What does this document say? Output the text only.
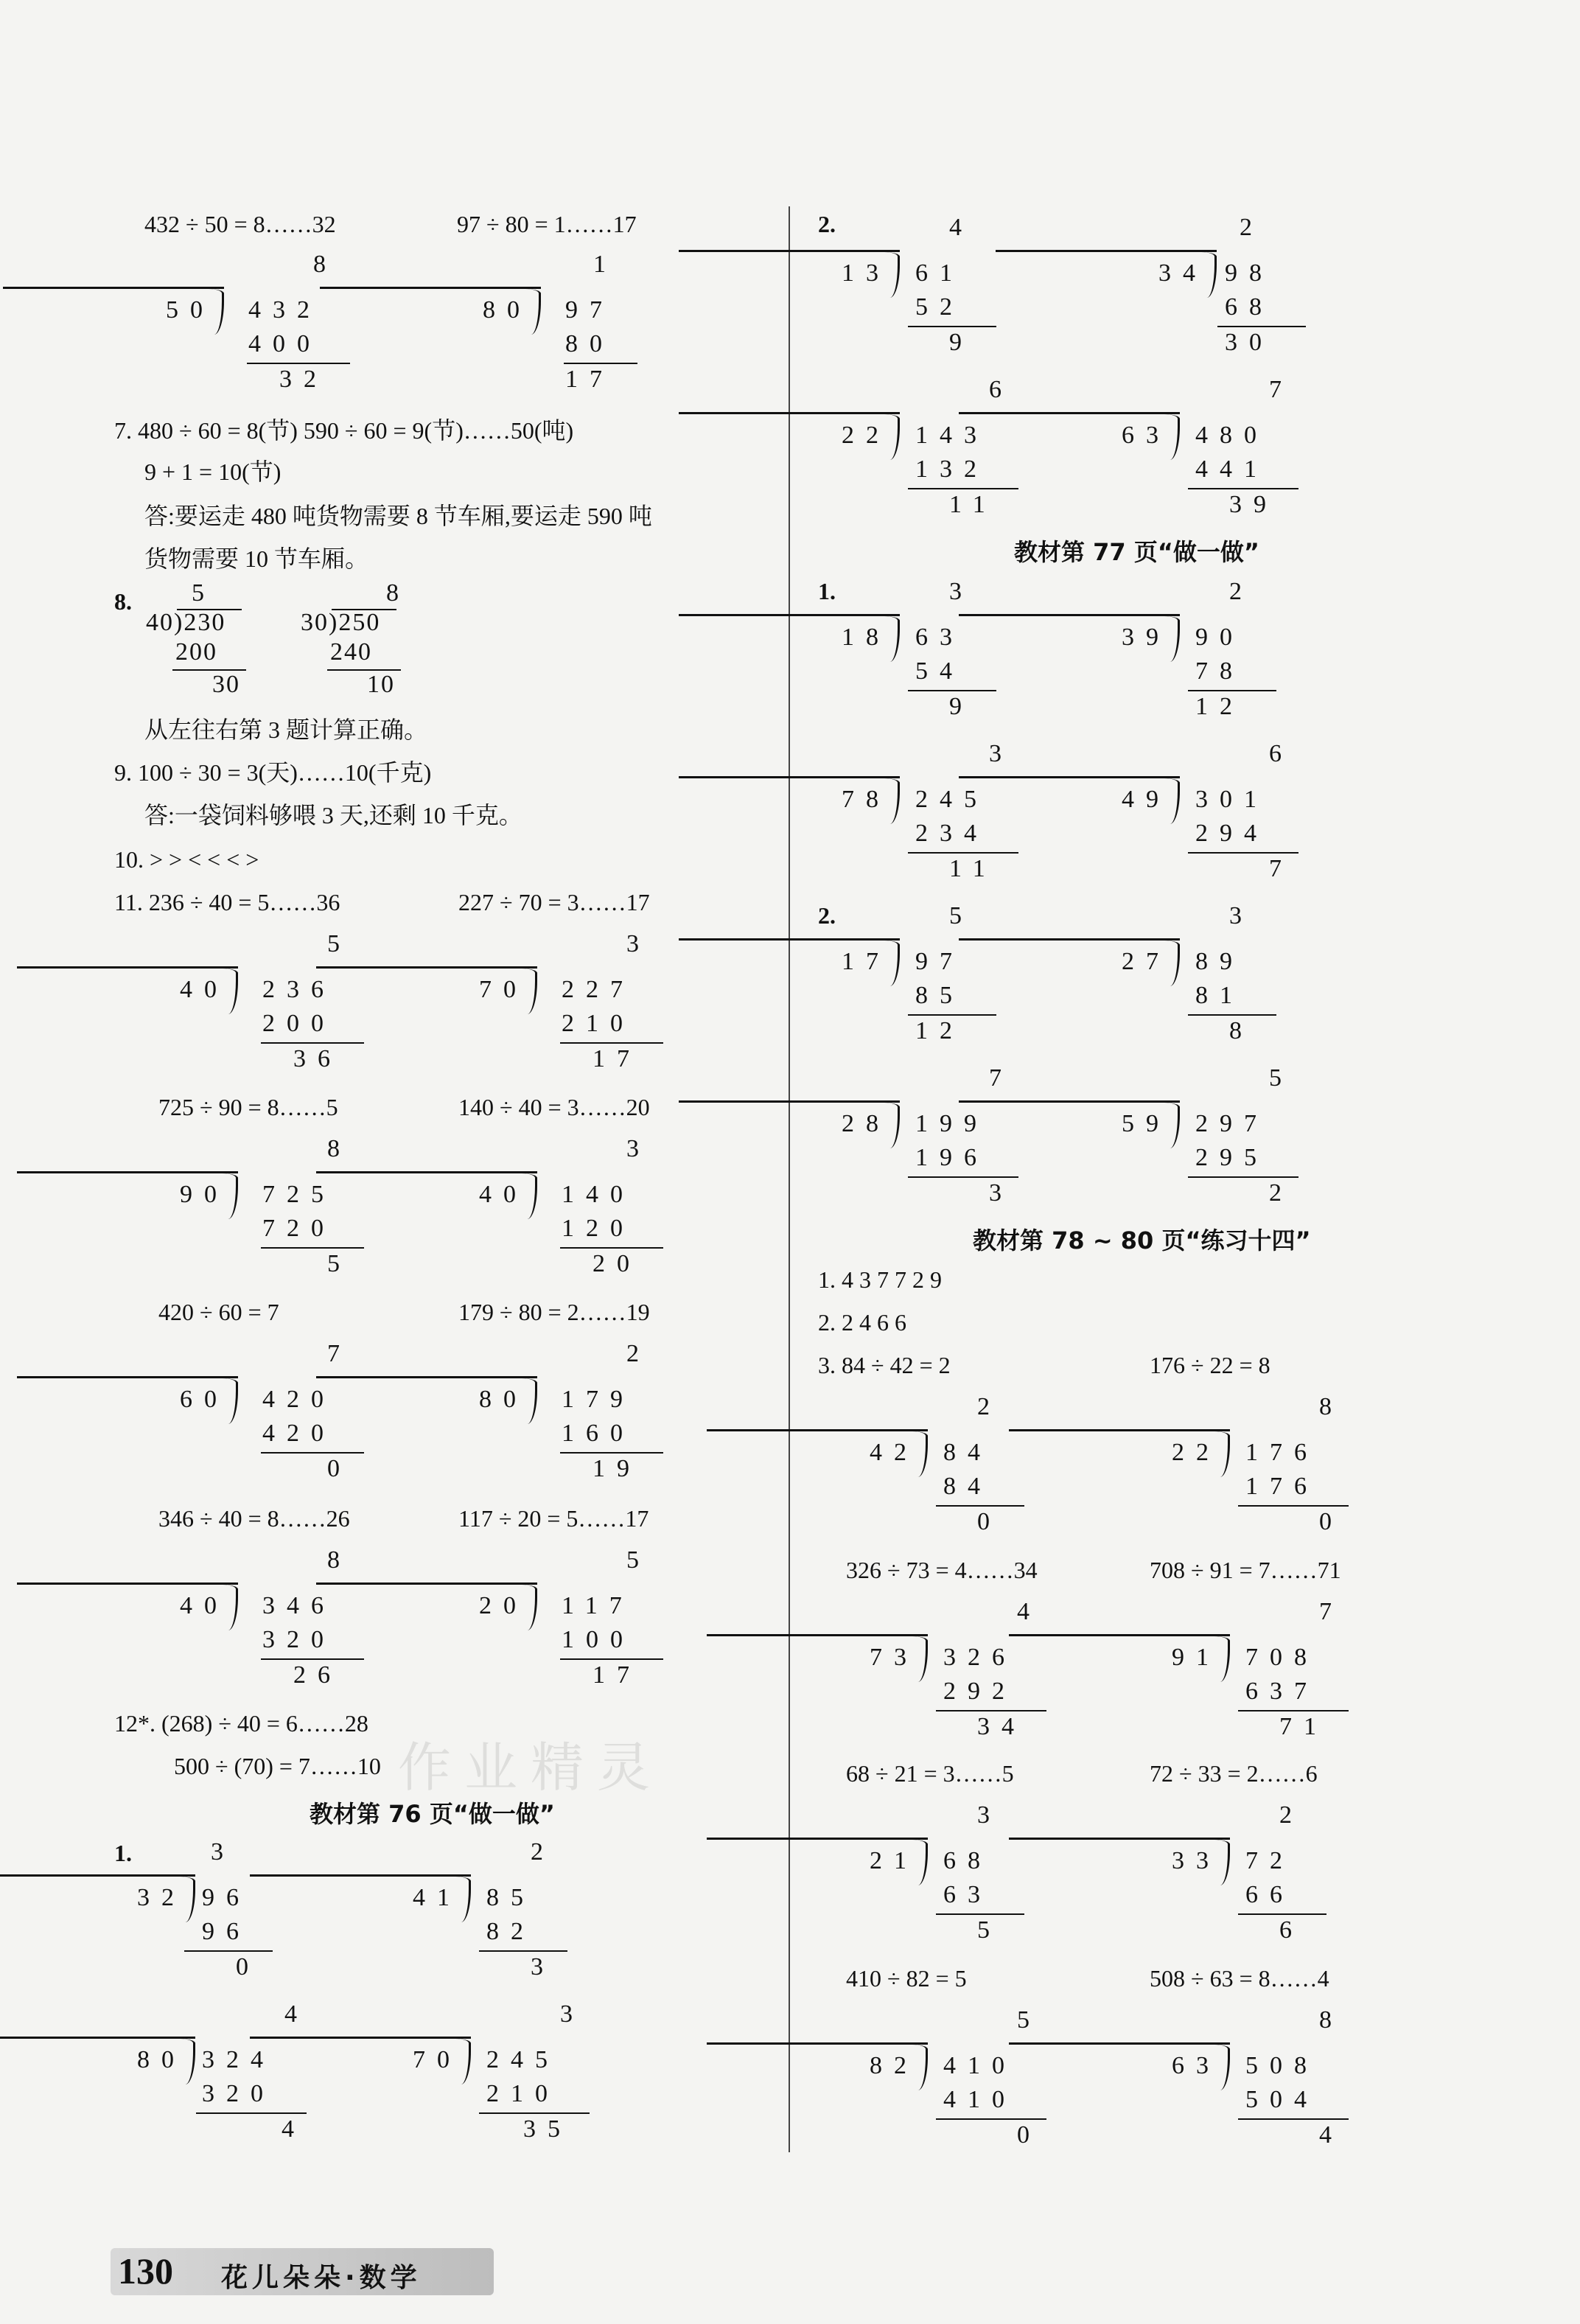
432 ÷ 50 = 8……32	97 ÷ 80 = 1……17
8
50 432
400
32
1
80 97
80
17
7. 480 ÷ 60 = 8(节) 590 ÷ 60 = 9(节)……50(吨)
9 + 1 = 10(节)
答:要运走 480 吨货物需要 8 节车厢,要运走 590 吨
货物需要 10 节车厢。
8. 5
40)230
200
30
8
30)250
240
10
从左往右第 3 题计算正确。
9. 100 ÷ 30 = 3(天)……10(千克)
答:一袋饲料够喂 3 天,还剩 10 千克。
10. > > < < < >
11. 236 ÷ 40 = 5……36	227 ÷ 70 = 3……17
5
40 236
200
36
3
70 227
210
17
725 ÷ 90 = 8……5	140 ÷ 40 = 3……20
8
90 725
720
5
3
40 140
120
20
420 ÷ 60 = 7	179 ÷ 80 = 2……19
7
60 420
420
0
2
80 179
160
19
346 ÷ 40 = 8……26	117 ÷ 20 = 5……17
8
40 346
320
26
5
20 117
100
17
12*. (268) ÷ 40 = 6……28
500 ÷ (70) = 7……10
教材第 76 页“做一做”
1.	3
32 96
96
0
2
41 85
82
3
4
80 324
320
4
3
70 245
210
35
2.	4
13 61
52
9
2
34 98
68
30
6
22 143
132
11
7
63 480
441
39
教材第 77 页“做一做”
1.	3
18 63
54
9
2
39 90
78
12
3
78 245
234
11
6
49 301
294
7
2.	5
17 97
85
12
3
27 89
81
8
7
28 199
196
3
5
59 297
295
2
教材第 78 ~ 80 页“练习十四”
1. 4 3 7 7 2 9
2. 2 4 6 6
3. 84 ÷ 42 = 2	176 ÷ 22 = 8
2
42 84
84
0
8
22 176
176
0
326 ÷ 73 = 4……34	708 ÷ 91 = 7……71
4
73 326
292
34
7
91 708
637
71
68 ÷ 21 = 3……5	72 ÷ 33 = 2……6
3
21 68
63
5
2
33 72
66
6
410 ÷ 82 = 5	508 ÷ 63 = 8……4
5
82 410
410
0
8
63 508
504
4
作业精灵
130 花儿朵朵·数学
